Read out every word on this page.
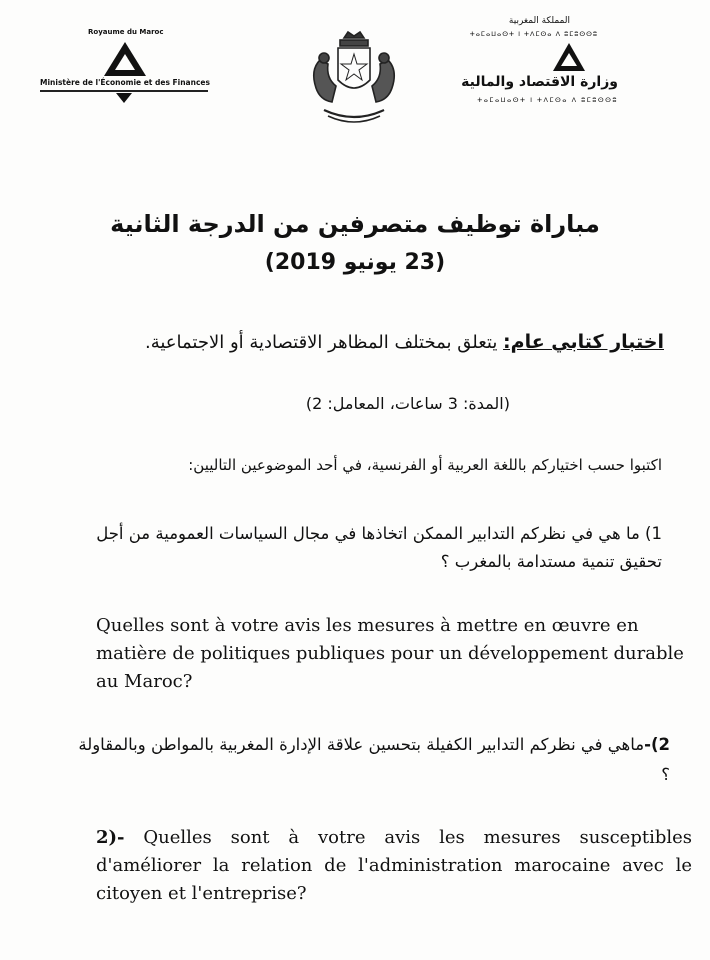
Royaume du Maroc
Ministère de l'Économie et des Finances
المملكة المغربية
ⵜⴰⵎⴰⵡⴰⵙⵜ ⵏ ⵜⴷⵎⵙⴰ ⴷ ⵓⵎⵓⵙⵙⵓ
وزارة الاقتصاد والمالية
ⵜⴰⵎⴰⵡⴰⵙⵜ ⵏ ⵜⴷⵎⵙⴰ ⴷ ⵓⵎⵓⵙⵙⵓ
مباراة توظيف متصرفين من الدرجة الثانية
(23 يونيو 2019)
اختبار كتابي عام: يتعلق بمختلف المظاهر الاقتصادية أو الاجتماعية.
(المدة: 3 ساعات، المعامل: 2)
اكتبوا حسب اختياركم باللغة العربية أو الفرنسية، في أحد الموضوعين التاليين:
1) ما هي في نظركم التدابير الممكن اتخاذها في مجال السياسات العمومية من أجل تحقيق تنمية مستدامة بالمغرب ؟
Quelles sont à votre avis les mesures à mettre en œuvre en matière de politiques publiques pour un développement durable au Maroc?
2)-ماهي في نظركم التدابير الكفيلة بتحسين علاقة الإدارة المغربية بالمواطن وبالمقاولة ؟
2)- Quelles sont à votre avis les mesures susceptibles d'améliorer la relation de l'administration marocaine avec le citoyen et l'entreprise?
